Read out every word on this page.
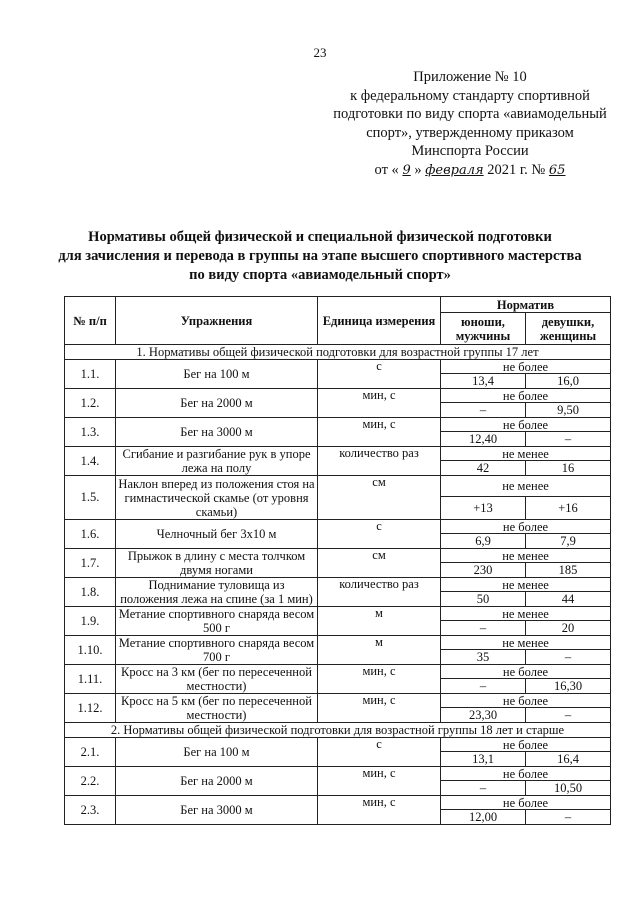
23
Приложение № 10
к федеральному стандарту спортивной
подготовки по виду спорта «авиамодельный
спорт», утвержденному приказом
Минспорта России
от « 9 » февраля 2021 г. № 65
Нормативы общей физической и специальной физической подготовки
для зачисления и перевода в группы на этапе высшего спортивного мастерства
по виду спорта «авиамодельный спорт»
№ п/п	Упражнения	Единица измерения	Норматив	
			юноши, мужчины	девушки, женщины
1. Нормативы общей физической подготовки для возрастной группы 17 лет				
1.1.	Бег на 100 м	с	не более	
			13,4	16,0
1.2.	Бег на 2000 м	мин, с	не более	
			–	9,50
1.3.	Бег на 3000 м	мин, с	не более	
			12,40	–
1.4.	Сгибание и разгибание рук в упоре лежа на полу	количество раз	не менее	
			42	16
1.5.	Наклон вперед из положения стоя на гимнастической скамье (от уровня скамьи)	см	не менее	
			+13	+16
1.6.	Челночный бег 3х10 м	с	не более	
			6,9	7,9
1.7.	Прыжок в длину с места толчком двумя ногами	см	не менее	
			230	185
1.8.	Поднимание туловища из положения лежа на спине (за 1 мин)	количество раз	не менее	
			50	44
1.9.	Метание спортивного снаряда весом 500 г	м	не менее	
			–	20
1.10.	Метание спортивного снаряда весом 700 г	м	не менее	
			35	–
1.11.	Кросс на 3 км (бег по пересеченной местности)	мин, с	не более	
			–	16,30
1.12.	Кросс на 5 км (бег по пересеченной местности)	мин, с	не более	
			23,30	–
2. Нормативы общей физической подготовки для возрастной группы 18 лет и старше				
2.1.	Бег на 100 м	с	не более	
			13,1	16,4
2.2.	Бег на 2000 м	мин, с	не более	
			–	10,50
2.3.	Бег на 3000 м	мин, с	не более	
			12,00	–
